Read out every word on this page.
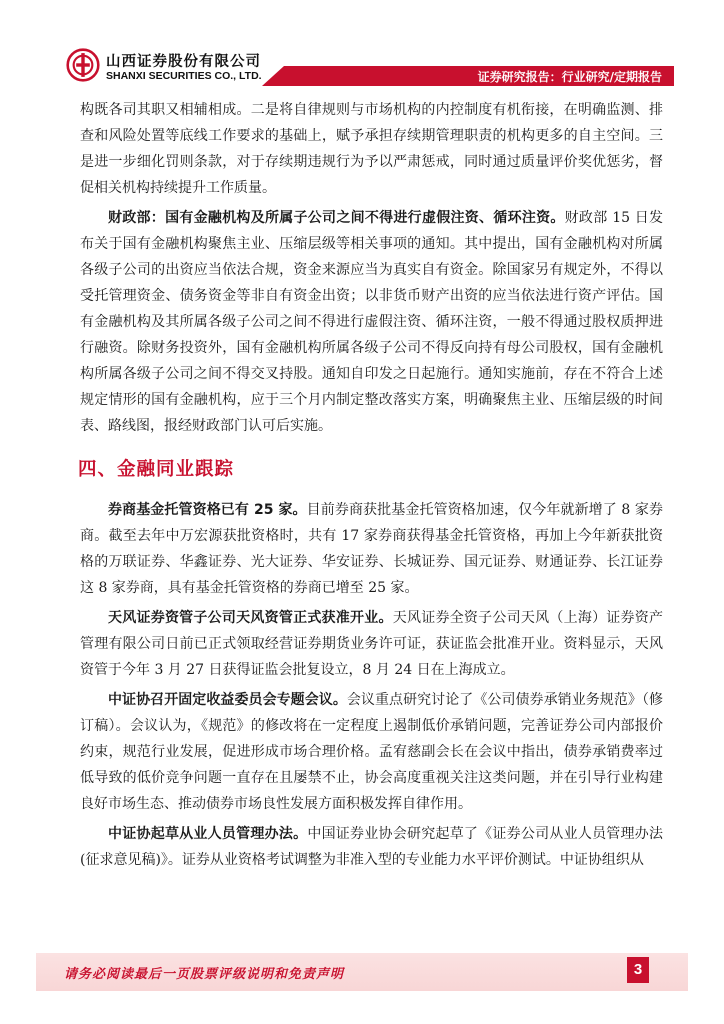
山西证券股份有限公司
SHANXI SECURITIES CO., LTD.	证券研究报告：行业研究/定期报告

构既各司其职又相辅相成。二是将自律规则与市场机构的内控制度有机衔接，在明确监测、排查和风险处置等底线工作要求的基础上，赋予承担存续期管理职责的机构更多的自主空间。三是进一步细化罚则条款，对于存续期违规行为予以严肃惩戒，同时通过质量评价奖优惩劣，督促相关机构持续提升工作质量。

财政部：国有金融机构及所属子公司之间不得进行虚假注资、循环注资。财政部 15 日发布关于国有金融机构聚焦主业、压缩层级等相关事项的通知。其中提出，国有金融机构对所属各级子公司的出资应当依法合规，资金来源应当为真实自有资金。除国家另有规定外，不得以受托管理资金、债务资金等非自有资金出资；以非货币财产出资的应当依法进行资产评估。国有金融机构及其所属各级子公司之间不得进行虚假注资、循环注资，一般不得通过股权质押进行融资。除财务投资外，国有金融机构所属各级子公司不得反向持有母公司股权，国有金融机构所属各级子公司之间不得交叉持股。通知自印发之日起施行。通知实施前，存在不符合上述规定情形的国有金融机构，应于三个月内制定整改落实方案，明确聚焦主业、压缩层级的时间表、路线图，报经财政部门认可后实施。

四、金融同业跟踪

券商基金托管资格已有 25 家。目前券商获批基金托管资格加速，仅今年就新增了 8 家券商。截至去年中万宏源获批资格时，共有 17 家券商获得基金托管资格，再加上今年新获批资格的万联证券、华鑫证券、光大证券、华安证券、长城证券、国元证券、财通证券、长江证券这 8 家券商，具有基金托管资格的券商已增至 25 家。

天风证券资管子公司天风资管正式获准开业。天风证券全资子公司天风（上海）证券资产管理有限公司日前已正式领取经营证券期货业务许可证，获证监会批准开业。资料显示，天风资管于今年 3 月 27 日获得证监会批复设立，8 月 24 日在上海成立。

中证协召开固定收益委员会专题会议。会议重点研究讨论了《公司债券承销业务规范》（修订稿）。会议认为，《规范》的修改将在一定程度上遏制低价承销问题，完善证券公司内部报价约束，规范行业发展，促进形成市场合理价格。孟宥慈副会长在会议中指出，债券承销费率过低导致的低价竞争问题一直存在且屡禁不止，协会高度重视关注这类问题，并在引导行业构建良好市场生态、推动债券市场良性发展方面积极发挥自律作用。

中证协起草从业人员管理办法。中国证券业协会研究起草了《证券公司从业人员管理办法(征求意见稿)》。证券从业资格考试调整为非准入型的专业能力水平评价测试。中证协组织从

请务必阅读最后一页股票评级说明和免责声明	3
